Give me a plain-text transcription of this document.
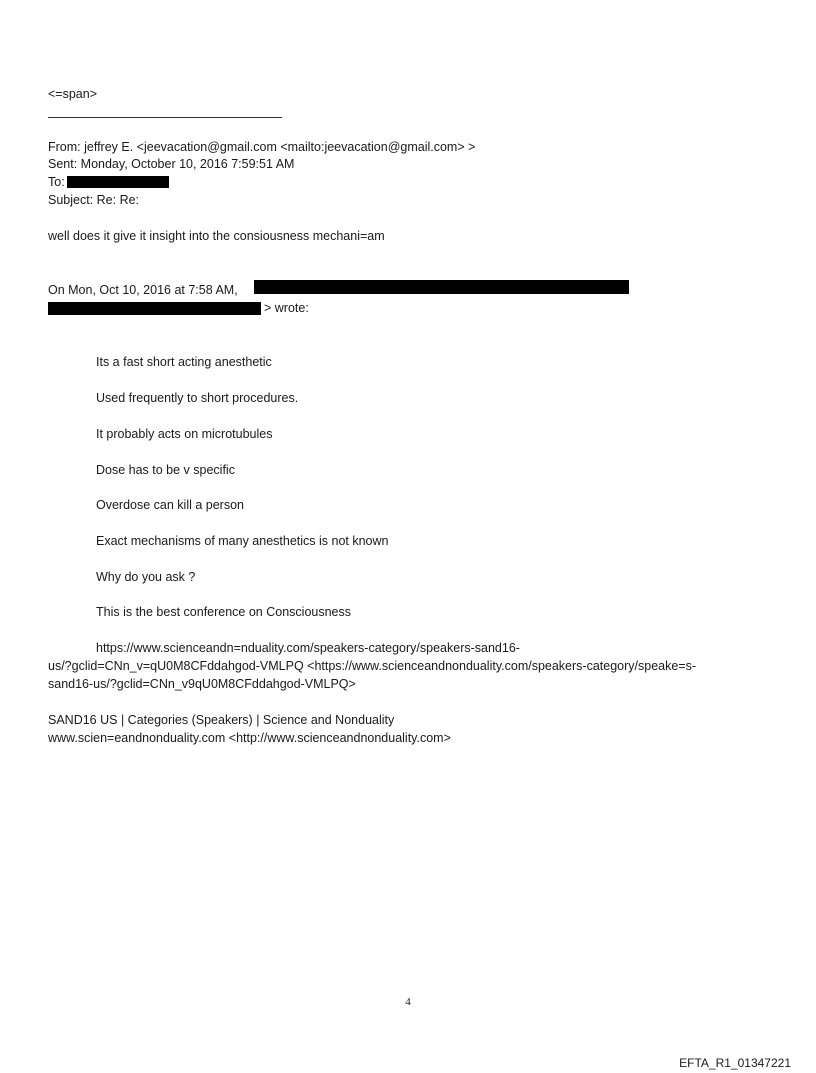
<=span>
From: jeffrey E. <jeevacation@gmail.com <mailto:jeevacation@gmail.com> >
Sent: Monday, October 10, 2016 7:59:51 AM
To:
Subject: Re: Re:
well does it give it insight into the consiousness mechani=am
On Mon, Oct 10, 2016 at 7:58 AM,
> wrote:
Its a fast short acting anesthetic
Used frequently to short procedures.
It probably acts on microtubules
Dose has to be v specific
Overdose can kill a person
Exact mechanisms of many anesthetics is not known
Why do you ask ?
This is the best conference on Consciousness
https://www.scienceandn=nduality.com/speakers-category/speakers-sand16-
us/?gclid=CNn_v=qU0M8CFddahgod-VMLPQ <https://www.scienceandnonduality.com/speakers-category/speake=s-
sand16-us/?gclid=CNn_v9qU0M8CFddahgod-VMLPQ>
SAND16 US | Categories (Speakers) | Science and Nonduality
www.scien=eandnonduality.com <http://www.scienceandnonduality.com>
4
EFTA_R1_01347221
